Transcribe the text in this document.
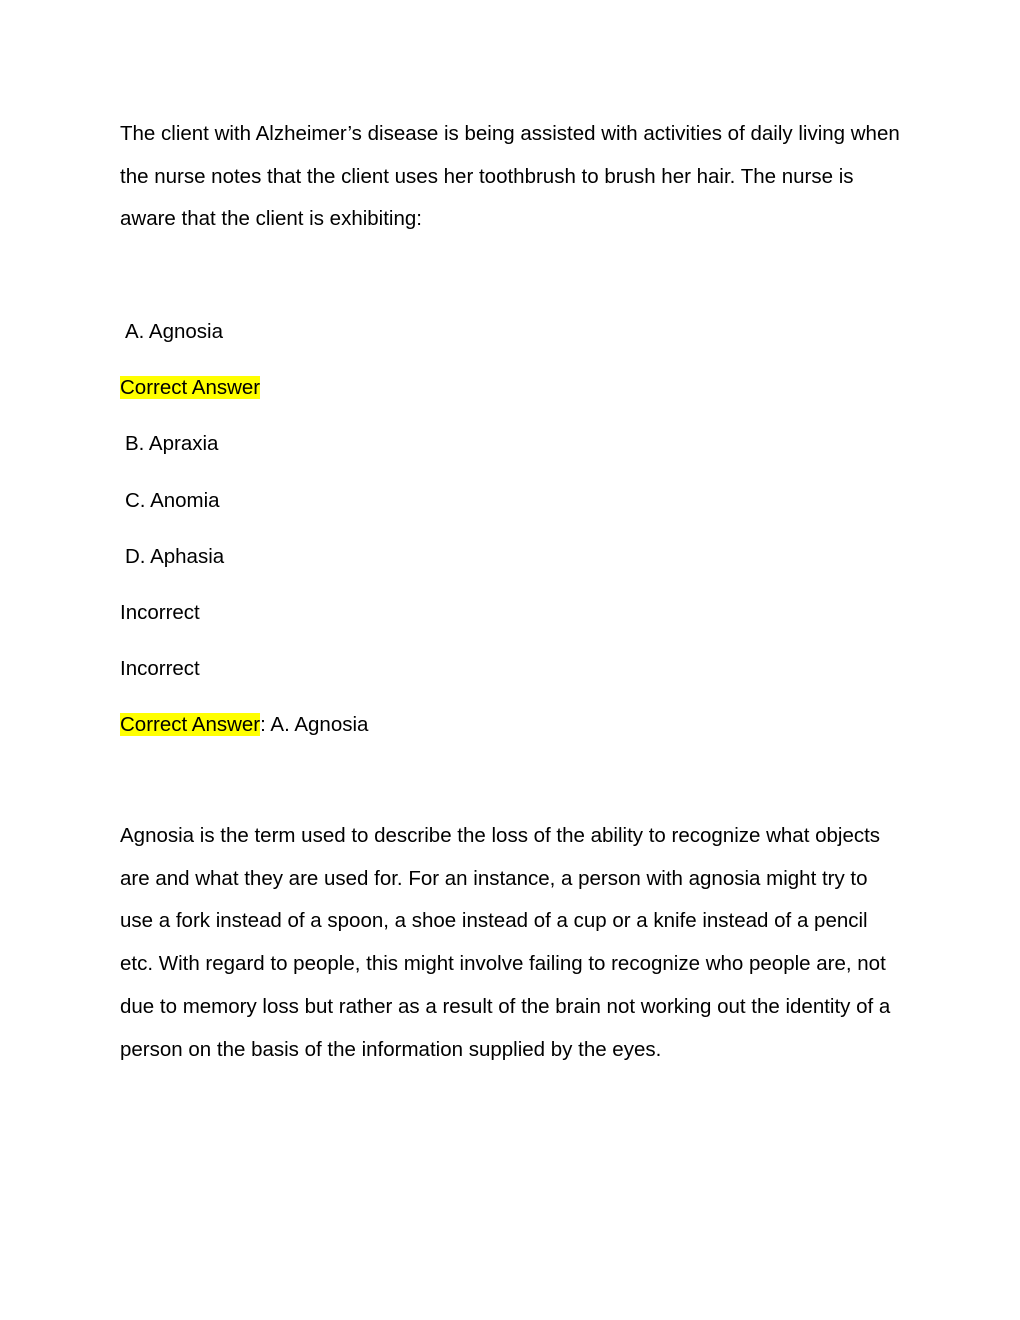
The client with Alzheimer’s disease is being assisted with activities of daily living when the nurse notes that the client uses her toothbrush to brush her hair. The nurse is aware that the client is exhibiting:

A. Agnosia

Correct Answer

B. Apraxia

C. Anomia

D. Aphasia

Incorrect

Incorrect

Correct Answer: A. Agnosia

Agnosia is the term used to describe the loss of the ability to recognize what objects are and what they are used for. For an instance, a person with agnosia might try to use a fork instead of a spoon, a shoe instead of a cup or a knife instead of a pencil etc. With regard to people, this might involve failing to recognize who people are, not due to memory loss but rather as a result of the brain not working out the identity of a person on the basis of the information supplied by the eyes.
